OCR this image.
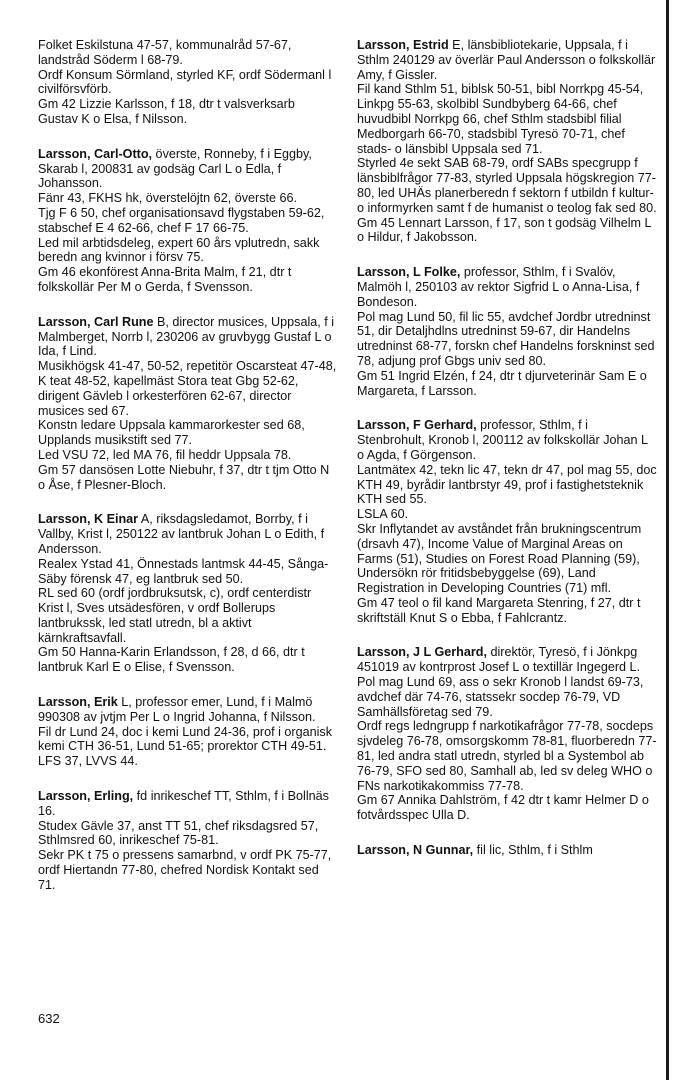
Folket Eskilstuna 47-57, kommunalråd 57-67, landstråd Söderm l 68-79.

Ordf Konsum Sörmland, styrled KF, ordf Södermanl l civilförsvförb.

Gm 42 Lizzie Karlsson, f 18, dtr t valsverksarb Gustav K o Elsa, f Nilsson.

Larsson, Carl-Otto, överste, Ronneby, f i Eggby, Skarab l, 200831 av godsäg Carl L o Edla, f Johansson.

Fänr 43, FKHS hk, överstelöjtn 62, överste 66.

Tjg F 6 50, chef organisationsavd flygstaben 59-62, stabschef E 4 62-66, chef F 17 66-75.

Led mil arbtidsdeleg, expert 60 års vplutredn, sakk beredn ang kvinnor i försv 75.

Gm 46 ekonförest Anna-Brita Malm, f 21, dtr t folkskollär Per M o Gerda, f Svensson.

Larsson, Carl Rune B, director musices, Uppsala, f i Malmberget, Norrb l, 230206 av gruvbygg Gustaf L o Ida, f Lind.

Musikhögsk 41-47, 50-52, repetitör Oscarsteat 47-48, K teat 48-52, kapellmäst Stora teat Gbg 52-62, dirigent Gävleb l orkesterfören 62-67, director musices sed 67.

Konstn ledare Uppsala kammarorkester sed 68, Upplands musikstift sed 77.

Led VSU 72, led MA 76, fil heddr Uppsala 78.

Gm 57 dansösen Lotte Niebuhr, f 37, dtr t tjm Otto N o Åse, f Plesner-Bloch.

Larsson, K Einar A, riksdagsledamot, Borrby, f i Vallby, Krist l, 250122 av lantbruk Johan L o Edith, f Andersson.

Realex Ystad 41, Önnestads lantmsk 44-45, Sånga-Säby förensk 47, eg lantbruk sed 50.

RL sed 60 (ordf jordbruksutsk, c), ordf centerdistr Krist l, Sves utsädesfören, v ordf Bollerups lantbrukssk, led statl utredn, bl a aktivt kärnkraftsavfall.

Gm 50 Hanna-Karin Erlandsson, f 28, d 66, dtr t lantbruk Karl E o Elise, f Svensson.

Larsson, Erik L, professor emer, Lund, f i Malmö 990308 av jvtjm Per L o Ingrid Johanna, f Nilsson.

Fil dr Lund 24, doc i kemi Lund 24-36, prof i organisk kemi CTH 36-51, Lund 51-65; prorektor CTH 49-51.

LFS 37, LVVS 44.

Larsson, Erling, fd inrikeschef TT, Sthlm, f i Bollnäs 16.

Studex Gävle 37, anst TT 51, chef riksdagsred 57, Sthlmsred 60, inrikeschef 75-81.

Sekr PK t 75 o pressens samarbnd, v ordf PK 75-77, ordf Hiertandn 77-80, chefred Nordisk Kontakt sed 71.

Larsson, Estrid E, länsbibliotekarie, Uppsala, f i Sthlm 240129 av överlär Paul Andersson o folkskollär Amy, f Gissler.

Fil kand Sthlm 51, biblsk 50-51, bibl Norrkpg 45-54, Linkpg 55-63, skolbibl Sundbyberg 64-66, chef huvudbibl Norrkpg 66, chef Sthlm stadsbibl filial Medborgarh 66-70, stadsbibl Tyresö 70-71, chef stads- o länsbibl Uppsala sed 71.

Styrled 4e sekt SAB 68-79, ordf SABs specgrupp f länsbiblfrågor 77-83, styrled Uppsala högskregion 77-80, led UHÄs planerberedn f sektorn f utbildn f kultur- o informyrken samt f de humanist o teolog fak sed 80.

Gm 45 Lennart Larsson, f 17, son t godsäg Vilhelm L o Hildur, f Jakobsson.

Larsson, L Folke, professor, Sthlm, f i Svalöv, Malmöh l, 250103 av rektor Sigfrid L o Anna-Lisa, f Bondeson.

Pol mag Lund 50, fil lic 55, avdchef Jordbr utredninst 51, dir Detaljhdlns utredninst 59-67, dir Handelns utredninst 68-77, forskn chef Handelns forskninst sed 78, adjung prof Gbgs univ sed 80.

Gm 51 Ingrid Elzén, f 24, dtr t djurveterinär Sam E o Margareta, f Larsson.

Larsson, F Gerhard, professor, Sthlm, f i Stenbrohult, Kronob l, 200112 av folkskollär Johan L o Agda, f Görgenson.

Lantmätex 42, tekn lic 47, tekn dr 47, pol mag 55, doc KTH 49, byrådir lantbrstyr 49, prof i fastighetsteknik KTH sed 55.

LSLA 60.

Skr Inflytandet av avståndet från brukningscentrum (drsavh 47), Income Value of Marginal Areas on Farms (51), Studies on Forest Road Planning (59), Undersökn rör fritidsbebyggelse (69), Land Registration in Developing Countries (71) mfl.

Gm 47 teol o fil kand Margareta Stenring, f 27, dtr t skriftställ Knut S o Ebba, f Fahlcrantz.

Larsson, J L Gerhard, direktör, Tyresö, f i Jönkpg 451019 av kontrprost Josef L o textillär Ingegerd L.

Pol mag Lund 69, ass o sekr Kronob l landst 69-73, avdchef där 74-76, statssekr socdep 76-79, VD Samhällsföretag sed 79.

Ordf regs ledngrupp f narkotikafrågor 77-78, socdeps sjvdeleg 76-78, omsorgskomm 78-81, fluorberedn 77-81, led andra statl utredn, styrled bl a Systembol ab 76-79, SFO sed 80, Samhall ab, led sv deleg WHO o FNs narkotikakommiss 77-78.

Gm 67 Annika Dahlström, f 42 dtr t kamr Helmer D o fotvårdsspec Ulla D.

Larsson, N Gunnar, fil lic, Sthlm, f i Sthlm

632
